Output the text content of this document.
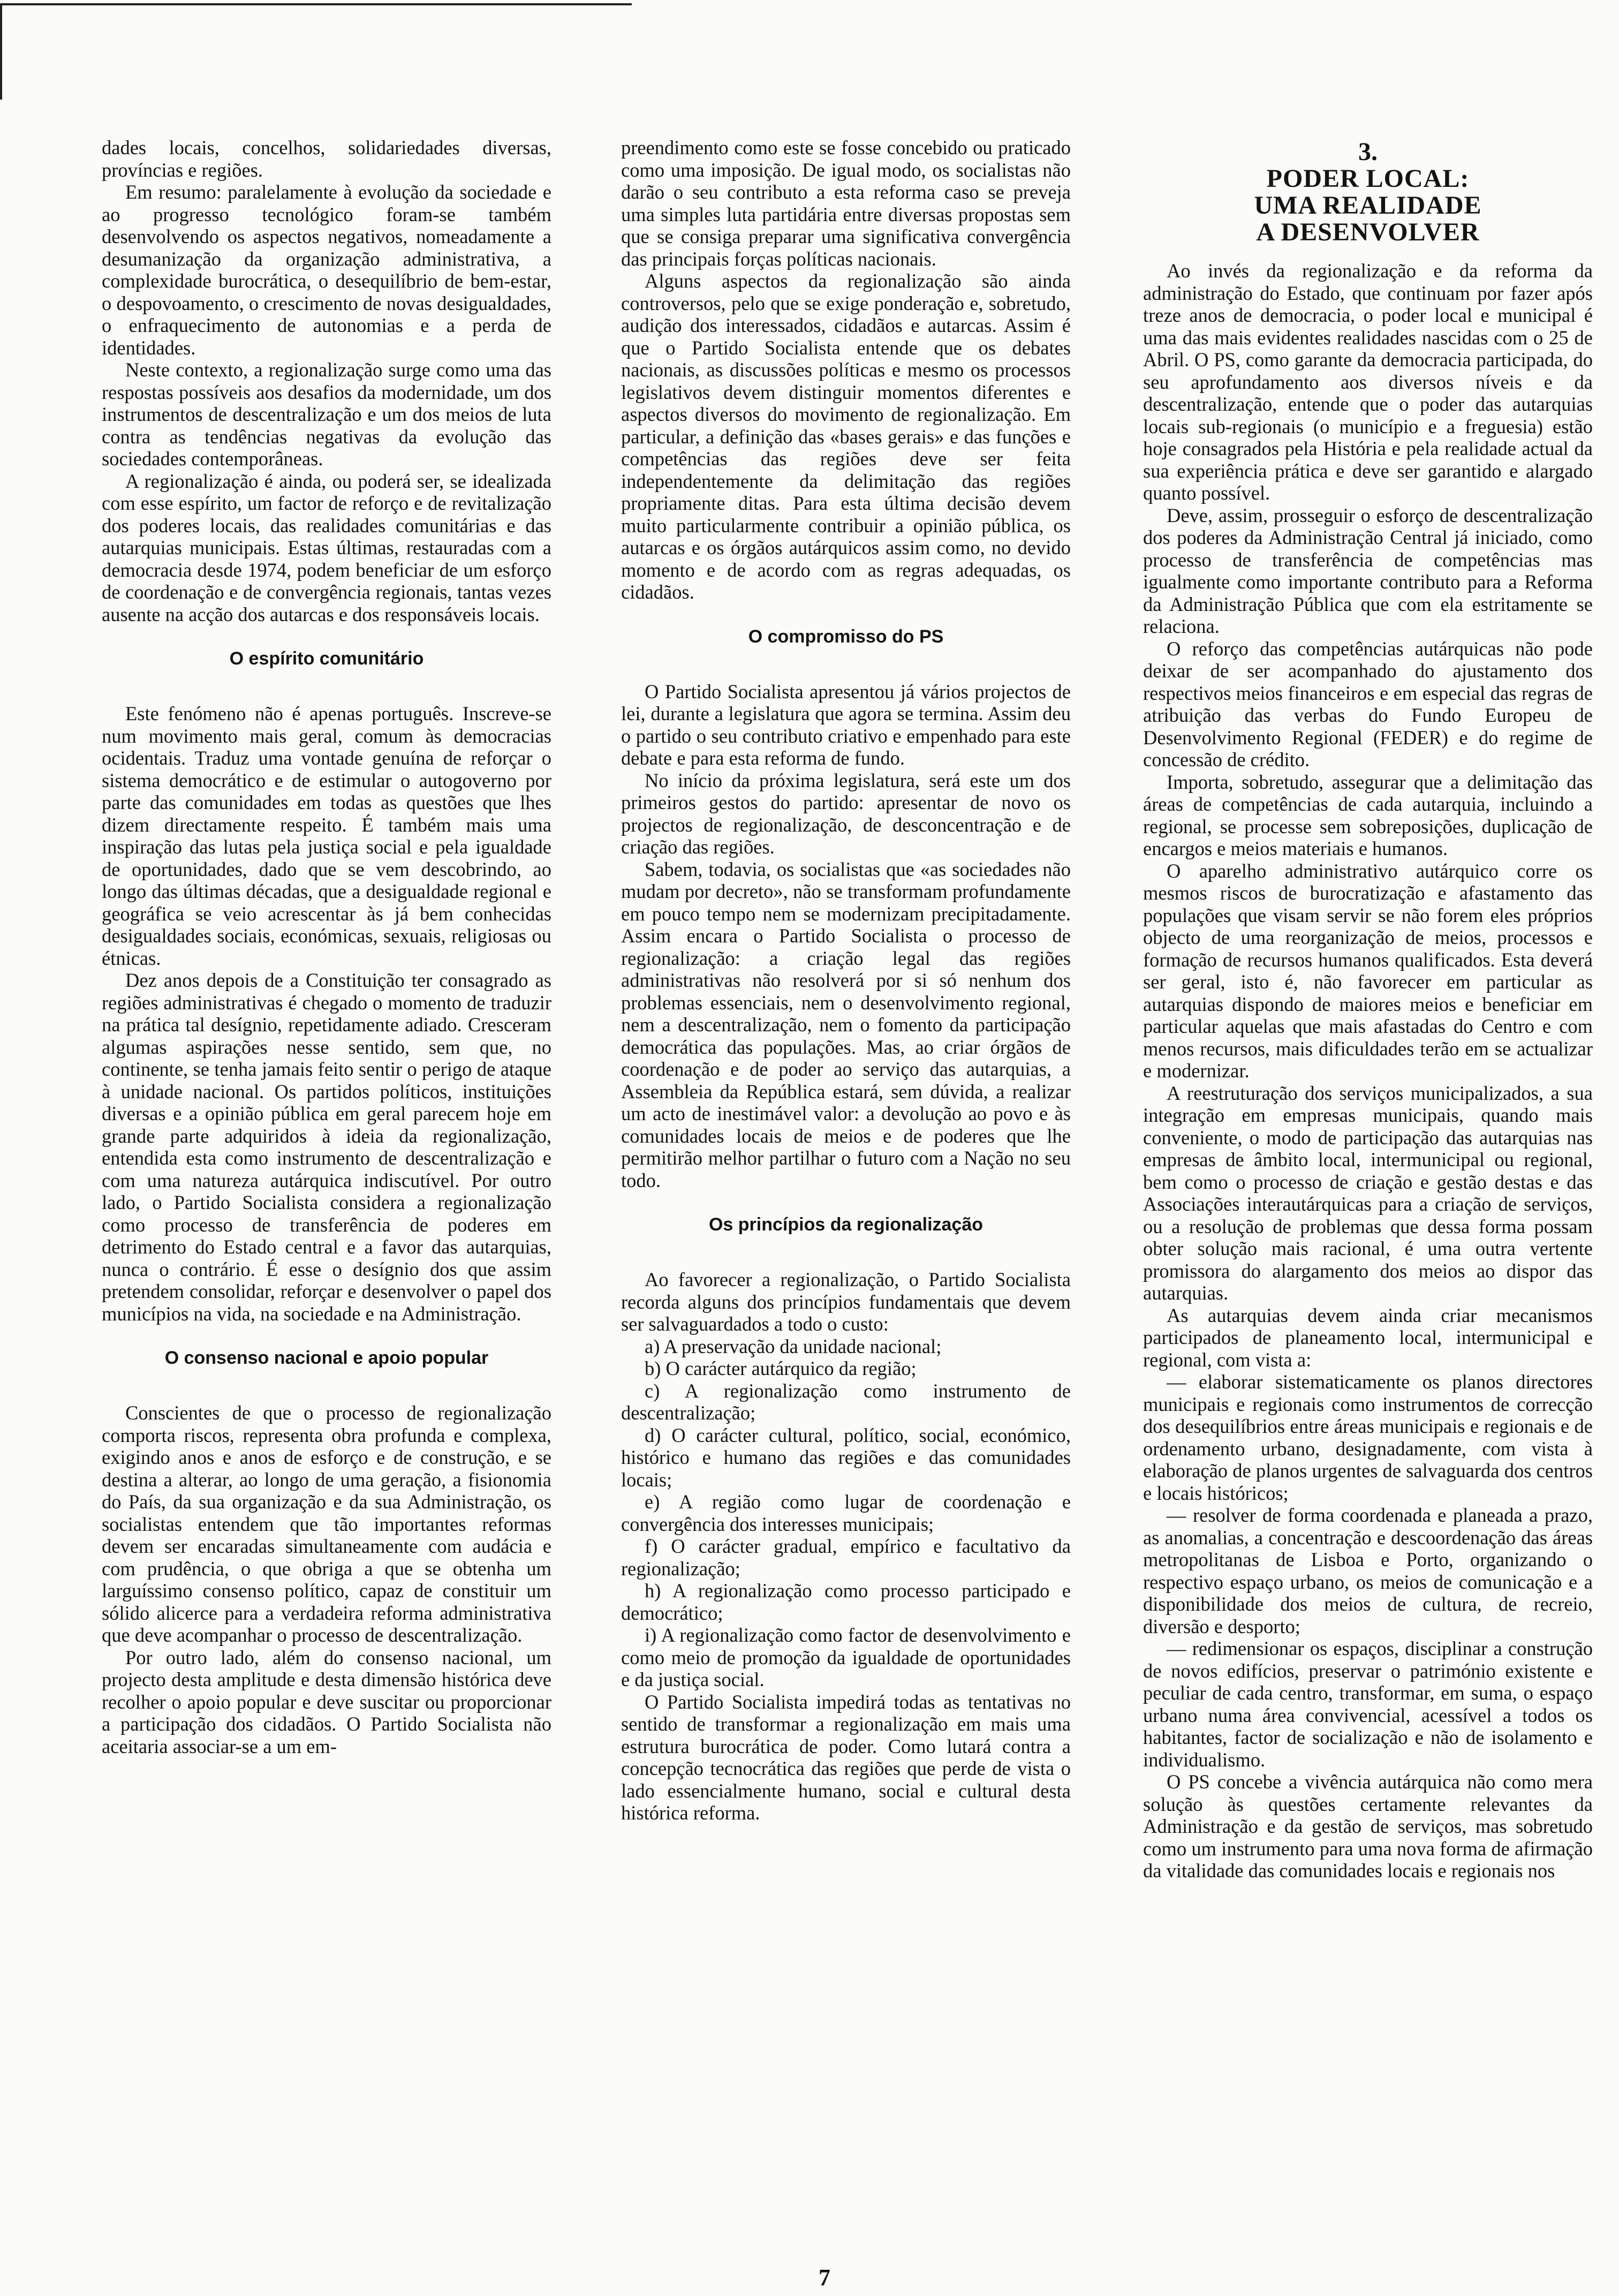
dades locais, concelhos, solidariedades diversas, províncias e regiões.

Em resumo: paralelamente à evolução da sociedade e ao progresso tecnológico foram-se também desenvolvendo os aspectos negativos, nomeadamente a desumanização da organização administrativa, a complexidade burocrática, o desequilíbrio de bem-estar, o despovoamento, o crescimento de novas desigualdades, o enfraquecimento de autonomias e a perda de identidades.

Neste contexto, a regionalização surge como uma das respostas possíveis aos desafios da modernidade, um dos instrumentos de descentralização e um dos meios de luta contra as tendências negativas da evolução das sociedades contemporâneas.

A regionalização é ainda, ou poderá ser, se idealizada com esse espírito, um factor de reforço e de revitalização dos poderes locais, das realidades comunitárias e das autarquias municipais. Estas últimas, restauradas com a democracia desde 1974, podem beneficiar de um esforço de coordenação e de convergência regionais, tantas vezes ausente na acção dos autarcas e dos responsáveis locais.

O espírito comunitário

Este fenómeno não é apenas português. Inscreve-se num movimento mais geral, comum às democracias ocidentais. Traduz uma vontade genuína de reforçar o sistema democrático e de estimular o autogoverno por parte das comunidades em todas as questões que lhes dizem directamente respeito. É também mais uma inspiração das lutas pela justiça social e pela igualdade de oportunidades, dado que se vem descobrindo, ao longo das últimas décadas, que a desigualdade regional e geográfica se veio acrescentar às já bem conhecidas desigualdades sociais, económicas, sexuais, religiosas ou étnicas.

Dez anos depois de a Constituição ter consagrado as regiões administrativas é chegado o momento de traduzir na prática tal desígnio, repetidamente adiado. Cresceram algumas aspirações nesse sentido, sem que, no continente, se tenha jamais feito sentir o perigo de ataque à unidade nacional. Os partidos políticos, instituições diversas e a opinião pública em geral parecem hoje em grande parte adquiridos à ideia da regionalização, entendida esta como instrumento de descentralização e com uma natureza autárquica indiscutível. Por outro lado, o Partido Socialista considera a regionalização como processo de transferência de poderes em detrimento do Estado central e a favor das autarquias, nunca o contrário. É esse o desígnio dos que assim pretendem consolidar, reforçar e desenvolver o papel dos municípios na vida, na sociedade e na Administração.

O consenso nacional e apoio popular

Conscientes de que o processo de regionalização comporta riscos, representa obra profunda e complexa, exigindo anos e anos de esforço e de construção, e se destina a alterar, ao longo de uma geração, a fisionomia do País, da sua organização e da sua Administração, os socialistas entendem que tão importantes reformas devem ser encaradas simultaneamente com audácia e com prudência, o que obriga a que se obtenha um larguíssimo consenso político, capaz de constituir um sólido alicerce para a verdadeira reforma administrativa que deve acompanhar o processo de descentralização.

Por outro lado, além do consenso nacional, um projecto desta amplitude e desta dimensão histórica deve recolher o apoio popular e deve suscitar ou proporcionar a participação dos cidadãos. O Partido Socialista não aceitaria associar-se a um em-

preendimento como este se fosse concebido ou praticado como uma imposição. De igual modo, os socialistas não darão o seu contributo a esta reforma caso se preveja uma simples luta partidária entre diversas propostas sem que se consiga preparar uma significativa convergência das principais forças políticas nacionais.

Alguns aspectos da regionalização são ainda controversos, pelo que se exige ponderação e, sobretudo, audição dos interessados, cidadãos e autarcas. Assim é que o Partido Socialista entende que os debates nacionais, as discussões políticas e mesmo os processos legislativos devem distinguir momentos diferentes e aspectos diversos do movimento de regionalização. Em particular, a definição das «bases gerais» e das funções e competências das regiões deve ser feita independentemente da delimitação das regiões propriamente ditas. Para esta última decisão devem muito particularmente contribuir a opinião pública, os autarcas e os órgãos autárquicos assim como, no devido momento e de acordo com as regras adequadas, os cidadãos.

O compromisso do PS

O Partido Socialista apresentou já vários projectos de lei, durante a legislatura que agora se termina. Assim deu o partido o seu contributo criativo e empenhado para este debate e para esta reforma de fundo.

No início da próxima legislatura, será este um dos primeiros gestos do partido: apresentar de novo os projectos de regionalização, de desconcentração e de criação das regiões.

Sabem, todavia, os socialistas que «as sociedades não mudam por decreto», não se transformam profundamente em pouco tempo nem se modernizam precipitadamente. Assim encara o Partido Socialista o processo de regionalização: a criação legal das regiões administrativas não resolverá por si só nenhum dos problemas essenciais, nem o desenvolvimento regional, nem a descentralização, nem o fomento da participação democrática das populações. Mas, ao criar órgãos de coordenação e de poder ao serviço das autarquias, a Assembleia da República estará, sem dúvida, a realizar um acto de inestimável valor: a devolução ao povo e às comunidades locais de meios e de poderes que lhe permitirão melhor partilhar o futuro com a Nação no seu todo.

Os princípios da regionalização

Ao favorecer a regionalização, o Partido Socialista recorda alguns dos princípios fundamentais que devem ser salvaguardados a todo o custo:

a) A preservação da unidade nacional;
b) O carácter autárquico da região;
c) A regionalização como instrumento de descentralização;
d) O carácter cultural, político, social, económico, histórico e humano das regiões e das comunidades locais;
e) A região como lugar de coordenação e convergência dos interesses municipais;
f) O carácter gradual, empírico e facultativo da regionalização;
h) A regionalização como processo participado e democrático;
i) A regionalização como factor de desenvolvimento e como meio de promoção da igualdade de oportunidades e da justiça social.

O Partido Socialista impedirá todas as tentativas no sentido de transformar a regionalização em mais uma estrutura burocrática de poder. Como lutará contra a concepção tecnocrática das regiões que perde de vista o lado essencialmente humano, social e cultural desta histórica reforma.

3.
PODER LOCAL:
UMA REALIDADE
A DESENVOLVER

Ao invés da regionalização e da reforma da administração do Estado, que continuam por fazer após treze anos de democracia, o poder local e municipal é uma das mais evidentes realidades nascidas com o 25 de Abril. O PS, como garante da democracia participada, do seu aprofundamento aos diversos níveis e da descentralização, entende que o poder das autarquias locais sub-regionais (o município e a freguesia) estão hoje consagrados pela História e pela realidade actual da sua experiência prática e deve ser garantido e alargado quanto possível.

Deve, assim, prosseguir o esforço de descentralização dos poderes da Administração Central já iniciado, como processo de transferência de competências mas igualmente como importante contributo para a Reforma da Administração Pública que com ela estritamente se relaciona.

O reforço das competências autárquicas não pode deixar de ser acompanhado do ajustamento dos respectivos meios financeiros e em especial das regras de atribuição das verbas do Fundo Europeu de Desenvolvimento Regional (FEDER) e do regime de concessão de crédito.

Importa, sobretudo, assegurar que a delimitação das áreas de competências de cada autarquia, incluindo a regional, se processe sem sobreposições, duplicação de encargos e meios materiais e humanos.

O aparelho administrativo autárquico corre os mesmos riscos de burocratização e afastamento das populações que visam servir se não forem eles próprios objecto de uma reorganização de meios, processos e formação de recursos humanos qualificados. Esta deverá ser geral, isto é, não favorecer em particular as autarquias dispondo de maiores meios e beneficiar em particular aquelas que mais afastadas do Centro e com menos recursos, mais dificuldades terão em se actualizar e modernizar.

A reestruturação dos serviços municipalizados, a sua integração em empresas municipais, quando mais conveniente, o modo de participação das autarquias nas empresas de âmbito local, intermunicipal ou regional, bem como o processo de criação e gestão destas e das Associações interautárquicas para a criação de serviços, ou a resolução de problemas que dessa forma possam obter solução mais racional, é uma outra vertente promissora do alargamento dos meios ao dispor das autarquias.

As autarquias devem ainda criar mecanismos participados de planeamento local, intermunicipal e regional, com vista a:

— elaborar sistematicamente os planos directores municipais e regionais como instrumentos de correcção dos desequilíbrios entre áreas municipais e regionais e de ordenamento urbano, designadamente, com vista à elaboração de planos urgentes de salvaguarda dos centros e locais históricos;

— resolver de forma coordenada e planeada a prazo, as anomalias, a concentração e descoordenação das áreas metropolitanas de Lisboa e Porto, organizando o respectivo espaço urbano, os meios de comunicação e a disponibilidade dos meios de cultura, de recreio, diversão e desporto;

— redimensionar os espaços, disciplinar a construção de novos edifícios, preservar o património existente e peculiar de cada centro, transformar, em suma, o espaço urbano numa área convivencial, acessível a todos os habitantes, factor de socialização e não de isolamento e individualismo.

O PS concebe a vivência autárquica não como mera solução às questões certamente relevantes da Administração e da gestão de serviços, mas sobretudo como um instrumento para uma nova forma de afirmação da vitalidade das comunidades locais e regionais nos

7
